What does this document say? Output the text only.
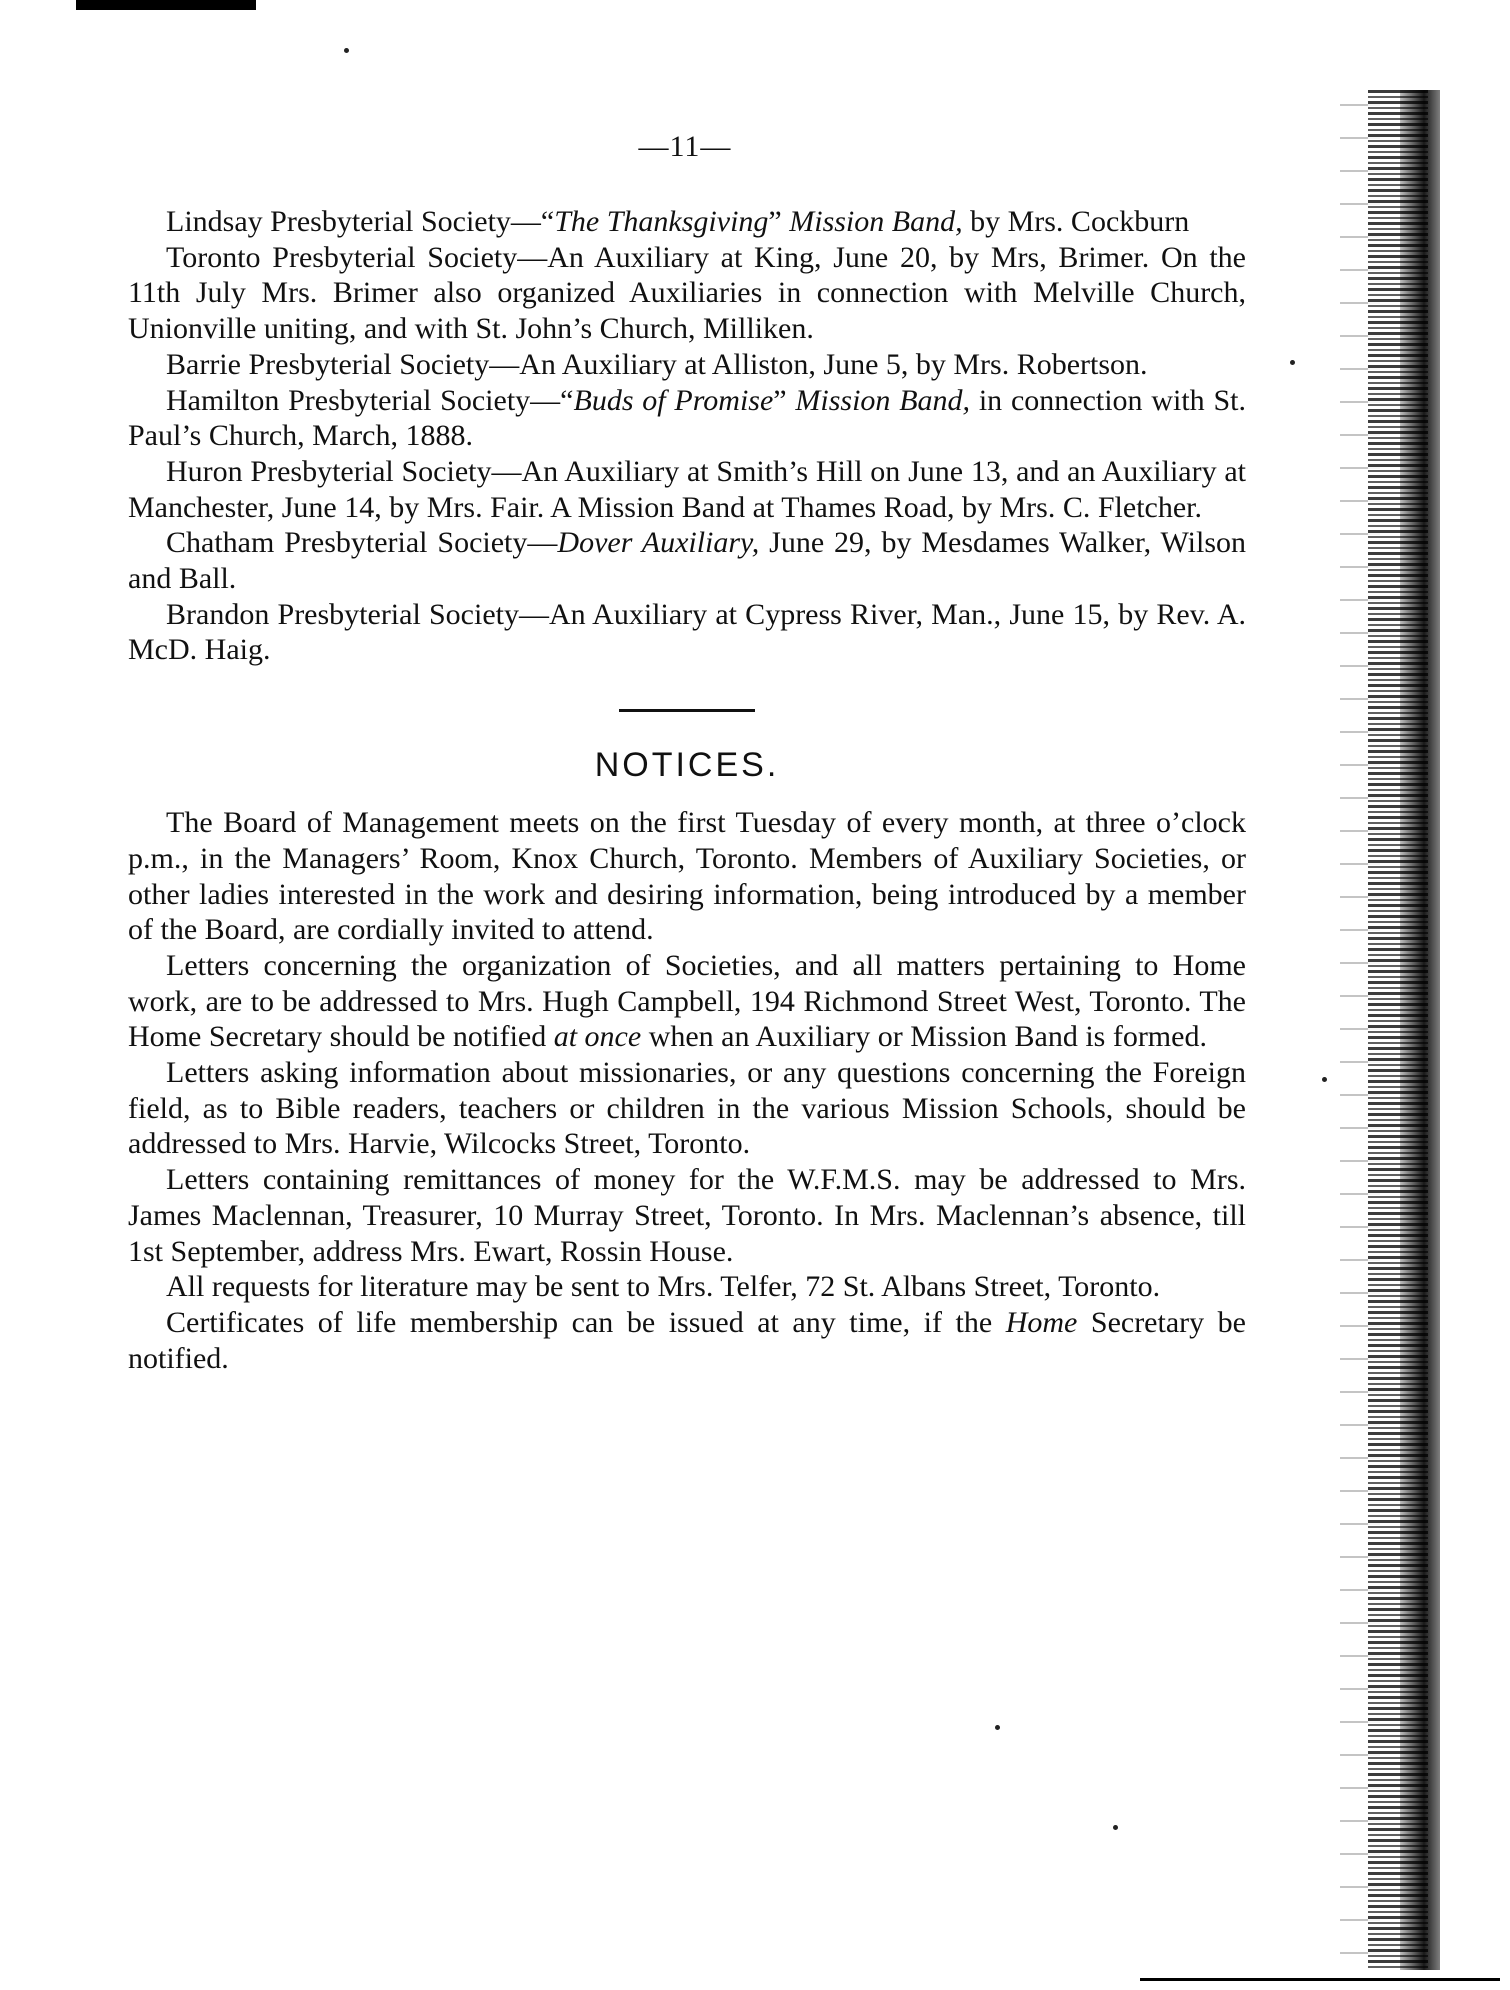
—11—

Lindsay Presbyterial Society—“The Thanksgiving” Mission Band, by Mrs. Cockburn

Toronto Presbyterial Society—An Auxiliary at King, June 20, by Mrs, Brimer. On the 11th July Mrs. Brimer also organized Auxiliaries in connection with Melville Church, Unionville uniting, and with St. John’s Church, Milliken.

Barrie Presbyterial Society—An Auxiliary at Alliston, June 5, by Mrs. Robertson.

Hamilton Presbyterial Society—“Buds of Promise” Mission Band, in connection with St. Paul’s Church, March, 1888.

Huron Presbyterial Society—An Auxiliary at Smith’s Hill on June 13, and an Auxiliary at Manchester, June 14, by Mrs. Fair. A Mission Band at Thames Road, by Mrs. C. Fletcher.

Chatham Presbyterial Society—Dover Auxiliary, June 29, by Mesdames Walker, Wilson and Ball.

Brandon Presbyterial Society—An Auxiliary at Cypress River, Man., June 15, by Rev. A. McD. Haig.

NOTICES.

The Board of Management meets on the first Tuesday of every month, at three o’clock p.m., in the Managers’ Room, Knox Church, Toronto. Members of Auxiliary Societies, or other ladies interested in the work and desiring information, being introduced by a member of the Board, are cordially invited to attend.

Letters concerning the organization of Societies, and all matters pertaining to Home work, are to be addressed to Mrs. Hugh Campbell, 194 Richmond Street West, Toronto. The Home Secretary should be notified at once when an Auxiliary or Mission Band is formed.

Letters asking information about missionaries, or any questions concerning the Foreign field, as to Bible readers, teachers or children in the various Mission Schools, should be addressed to Mrs. Harvie, Wilcocks Street, Toronto.

Letters containing remittances of money for the W.F.M.S. may be addressed to Mrs. James Maclennan, Treasurer, 10 Murray Street, Toronto. In Mrs. Maclennan’s absence, till 1st September, address Mrs. Ewart, Rossin House.

All requests for literature may be sent to Mrs. Telfer, 72 St. Albans Street, Toronto.

Certificates of life membership can be issued at any time, if the Home Secretary be notified.
